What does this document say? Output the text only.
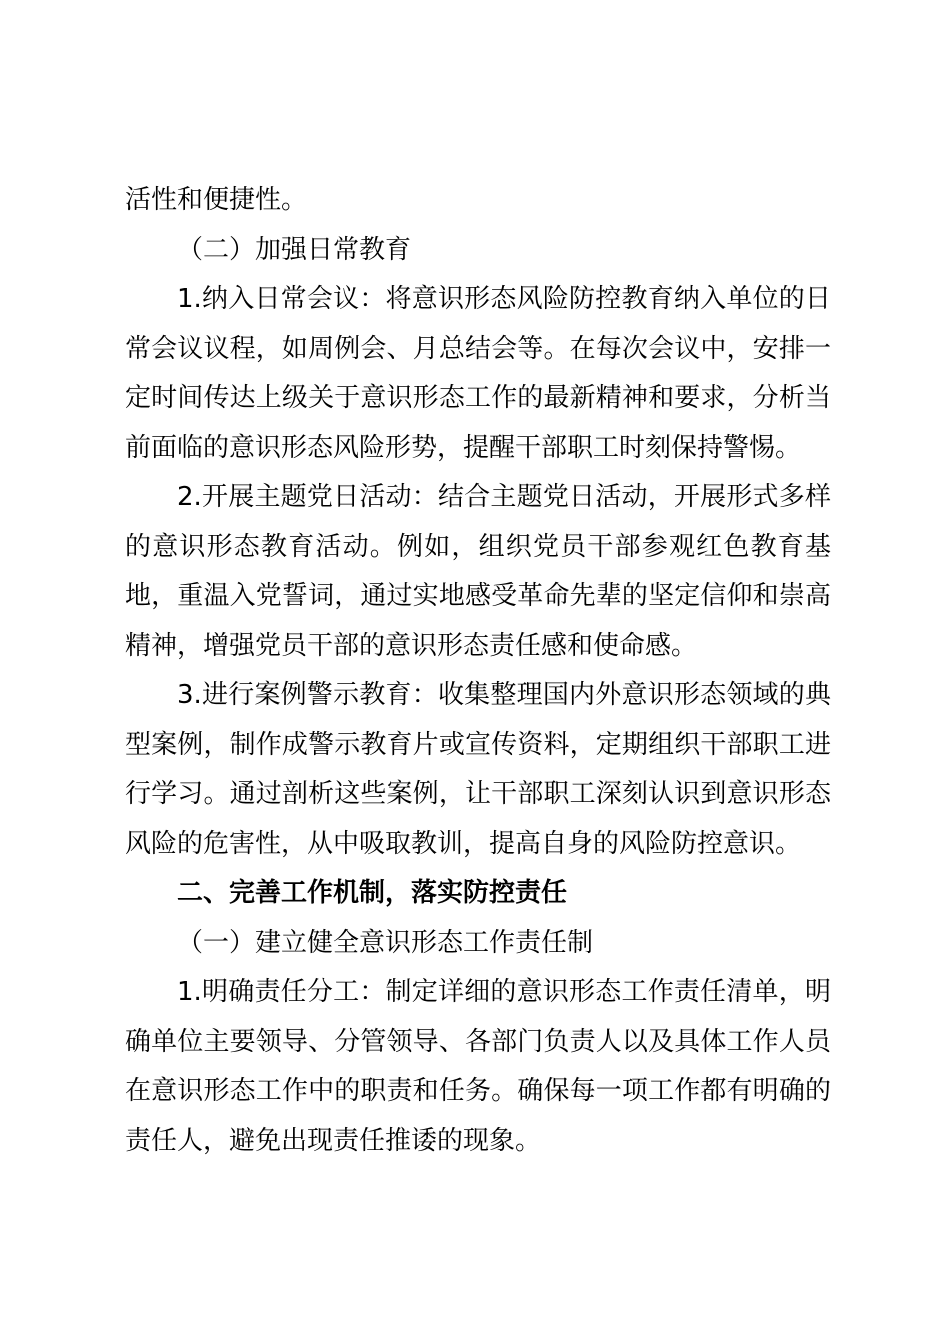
活性和便捷性。

（二）加强日常教育

1.纳入日常会议：将意识形态风险防控教育纳入单位的日常会议议程，如周例会、月总结会等。在每次会议中，安排一定时间传达上级关于意识形态工作的最新精神和要求，分析当前面临的意识形态风险形势，提醒干部职工时刻保持警惕。

2.开展主题党日活动：结合主题党日活动，开展形式多样的意识形态教育活动。例如，组织党员干部参观红色教育基地，重温入党誓词，通过实地感受革命先辈的坚定信仰和崇高精神，增强党员干部的意识形态责任感和使命感。

3.进行案例警示教育：收集整理国内外意识形态领域的典型案例，制作成警示教育片或宣传资料，定期组织干部职工进行学习。通过剖析这些案例，让干部职工深刻认识到意识形态风险的危害性，从中吸取教训，提高自身的风险防控意识。

二、完善工作机制，落实防控责任

（一）建立健全意识形态工作责任制

1.明确责任分工：制定详细的意识形态工作责任清单，明确单位主要领导、分管领导、各部门负责人以及具体工作人员在意识形态工作中的职责和任务。确保每一项工作都有明确的责任人，避免出现责任推诿的现象。
